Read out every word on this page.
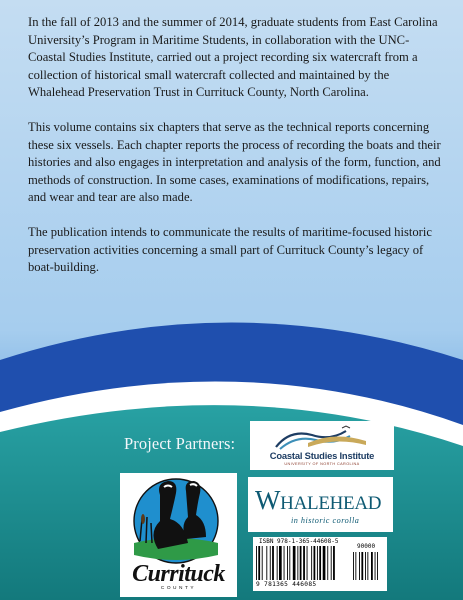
In the fall of 2013 and the summer of 2014, graduate students from East Carolina University’s Program in Maritime Students, in collaboration with the UNC-Coastal Studies Institute, carried out a project recording six watercraft from a collection of historical small watercraft collected and maintained by the Whalehead Preservation Trust in Currituck County, North Carolina.

This volume contains six chapters that serve as the technical reports concerning these six vessels. Each chapter reports the process of recording the boats and their histories and also engages in interpretation and analysis of the form, function, and methods of construction. In some cases, examinations of modifications, repairs, and wear and tear are also made.

The publication intends to communicate the results of maritime-focused historic preservation activities concerning a small part of Currituck County’s legacy of boat-building.

Project Partners:
Coastal Studies Institute
UNIVERSITY OF NORTH CAROLINA
Currituck
COUNTY
Whalehead
in historic corolla
ISBN 978-1-365-44608-5
90000
9 781365 446085
